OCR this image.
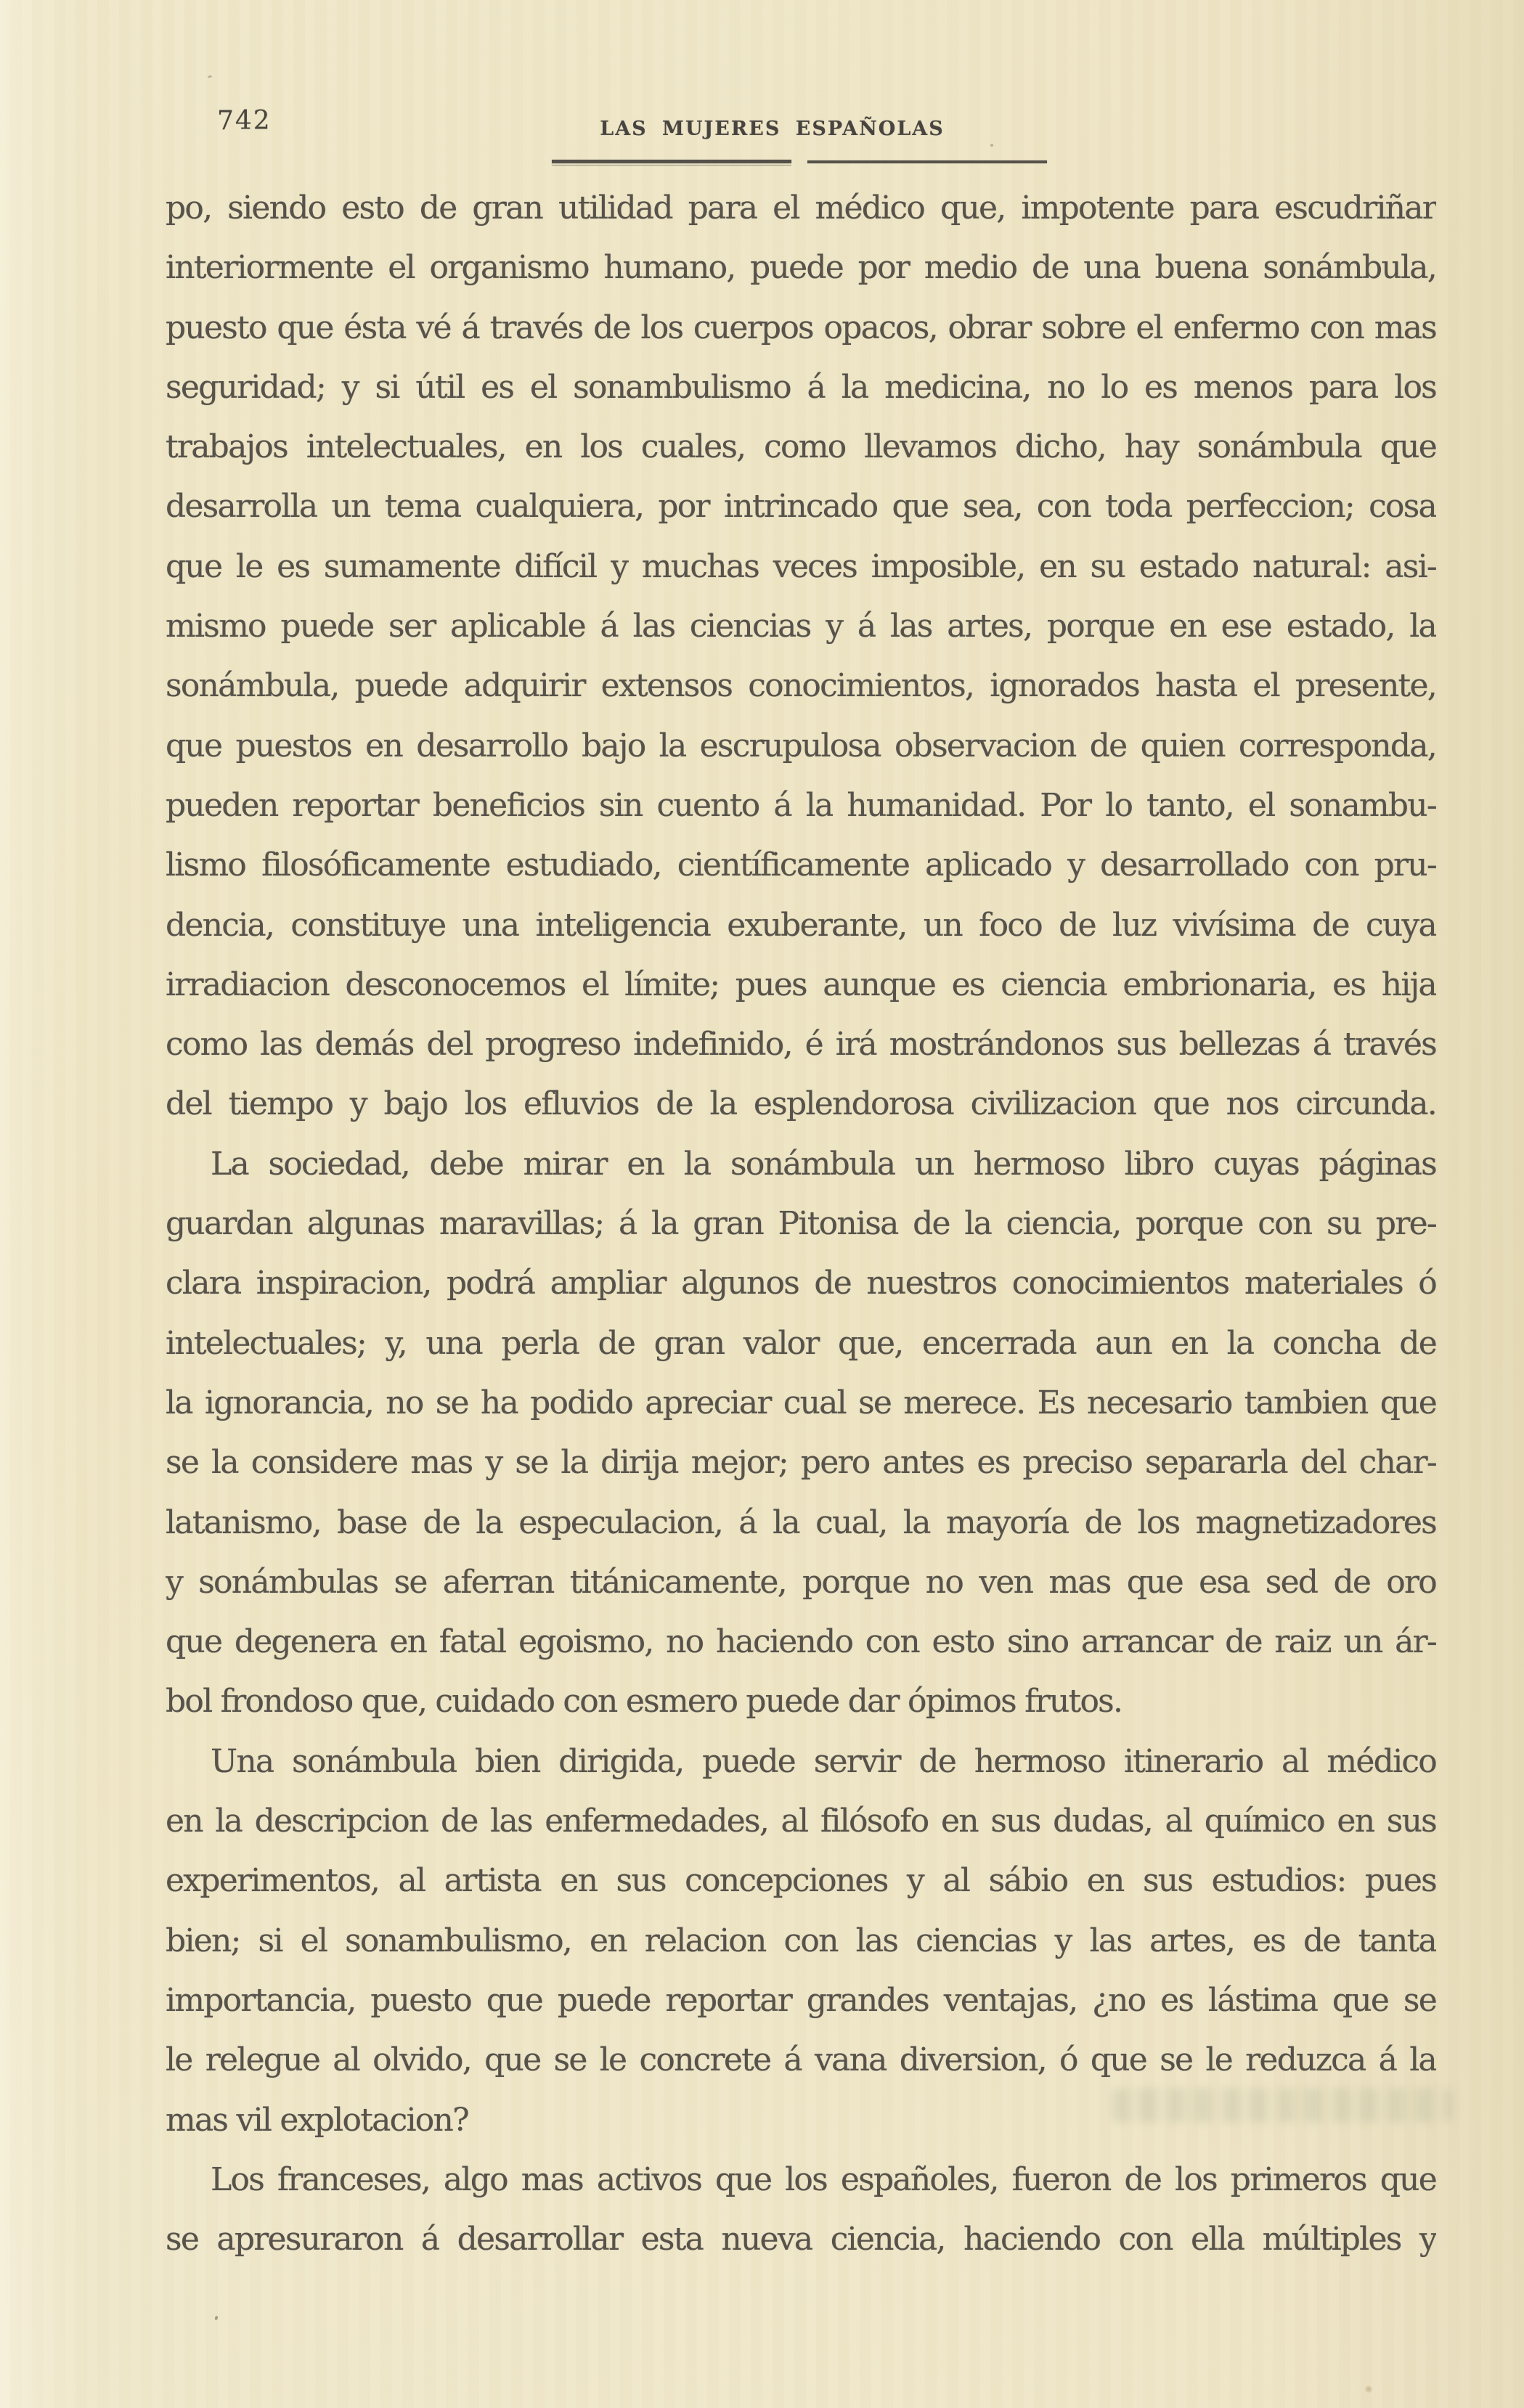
742	LAS MUJERES ESPAÑOLAS
po, siendo esto de gran utilidad para el médico que, impotente para escudriñar
interiormente el organismo humano, puede por medio de una buena sonámbula,
puesto que ésta vé á través de los cuerpos opacos, obrar sobre el enfermo con mas
seguridad; y si útil es el sonambulismo á la medicina, no lo es menos para los
trabajos intelectuales, en los cuales, como llevamos dicho, hay sonámbula que
desarrolla un tema cualquiera, por intrincado que sea, con toda perfeccion; cosa
que le es sumamente difícil y muchas veces imposible, en su estado natural: asi-
mismo puede ser aplicable á las ciencias y á las artes, porque en ese estado, la
sonámbula, puede adquirir extensos conocimientos, ignorados hasta el presente,
que puestos en desarrollo bajo la escrupulosa observacion de quien corresponda,
pueden reportar beneficios sin cuento á la humanidad. Por lo tanto, el sonambu-
lismo filosóficamente estudiado, científicamente aplicado y desarrollado con pru-
dencia, constituye una inteligencia exuberante, un foco de luz vivísima de cuya
irradiacion desconocemos el límite; pues aunque es ciencia embrionaria, es hija
como las demás del progreso indefinido, é irá mostrándonos sus bellezas á través
del tiempo y bajo los efluvios de la esplendorosa civilizacion que nos circunda.
La sociedad, debe mirar en la sonámbula un hermoso libro cuyas páginas
guardan algunas maravillas; á la gran Pitonisa de la ciencia, porque con su pre-
clara inspiracion, podrá ampliar algunos de nuestros conocimientos materiales ó
intelectuales; y, una perla de gran valor que, encerrada aun en la concha de
la ignorancia, no se ha podido apreciar cual se merece. Es necesario tambien que
se la considere mas y se la dirija mejor; pero antes es preciso separarla del char-
latanismo, base de la especulacion, á la cual, la mayoría de los magnetizadores
y sonámbulas se aferran titánicamente, porque no ven mas que esa sed de oro
que degenera en fatal egoismo, no haciendo con esto sino arrancar de raiz un ár-
bol frondoso que, cuidado con esmero puede dar ópimos frutos.
Una sonámbula bien dirigida, puede servir de hermoso itinerario al médico
en la descripcion de las enfermedades, al filósofo en sus dudas, al químico en sus
experimentos, al artista en sus concepciones y al sábio en sus estudios: pues
bien; si el sonambulismo, en relacion con las ciencias y las artes, es de tanta
importancia, puesto que puede reportar grandes ventajas, ¿no es lástima que se
le relegue al olvido, que se le concrete á vana diversion, ó que se le reduzca á la
mas vil explotacion?
Los franceses, algo mas activos que los españoles, fueron de los primeros que
se apresuraron á desarrollar esta nueva ciencia, haciendo con ella múltiples y
